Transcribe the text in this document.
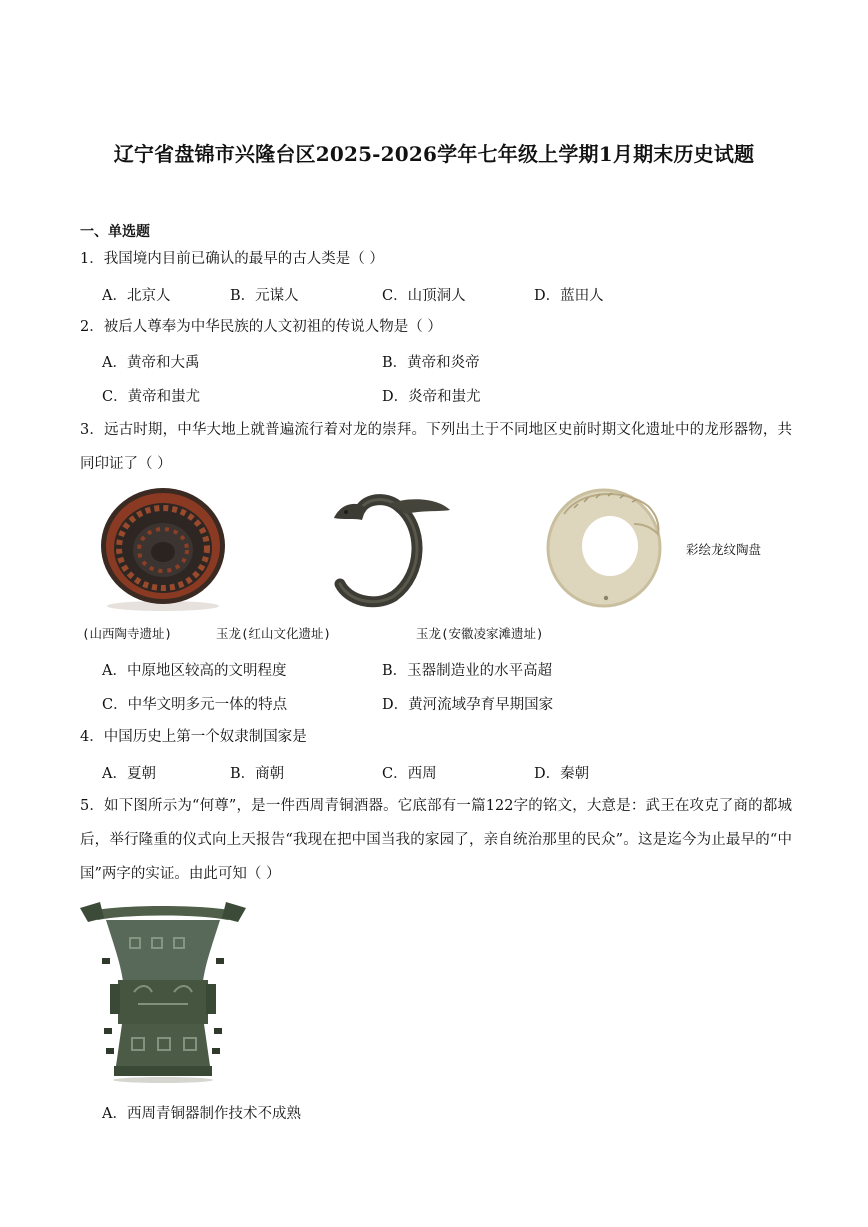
辽宁省盘锦市兴隆台区2025-2026学年七年级上学期1月期末历史试题
一、单选题
1．我国境内目前已确认的最早的古人类是（ ）
A．北京人	B．元谋人	C．山顶洞人	D．蓝田人
2．被后人尊奉为中华民族的人文初祖的传说人物是（ ）
A．黄帝和大禹	B．黄帝和炎帝
C．黄帝和蚩尤	D．炎帝和蚩尤
3．远古时期，中华大地上就普遍流行着对龙的崇拜。下列出土于不同地区史前时期文化遗址中的龙形器物，共同印证了（ ）
彩绘龙纹陶盘
(山西陶寺遗址)	玉龙(红山文化遗址)	玉龙(安徽凌家滩遗址)
A．中原地区较高的文明程度	B．玉器制造业的水平高超
C．中华文明多元一体的特点	D．黄河流域孕育早期国家
4．中国历史上第一个奴隶制国家是
A．夏朝	B．商朝	C．西周	D．秦朝
5．如下图所示为“何尊”，是一件西周青铜酒器。它底部有一篇122字的铭文，大意是：武王在攻克了商的都城后，举行隆重的仪式向上天报告“我现在把中国当我的家园了，亲自统治那里的民众”。这是迄今为止最早的“中国”两字的实证。由此可知（ ）
A．西周青铜器制作技术不成熟
